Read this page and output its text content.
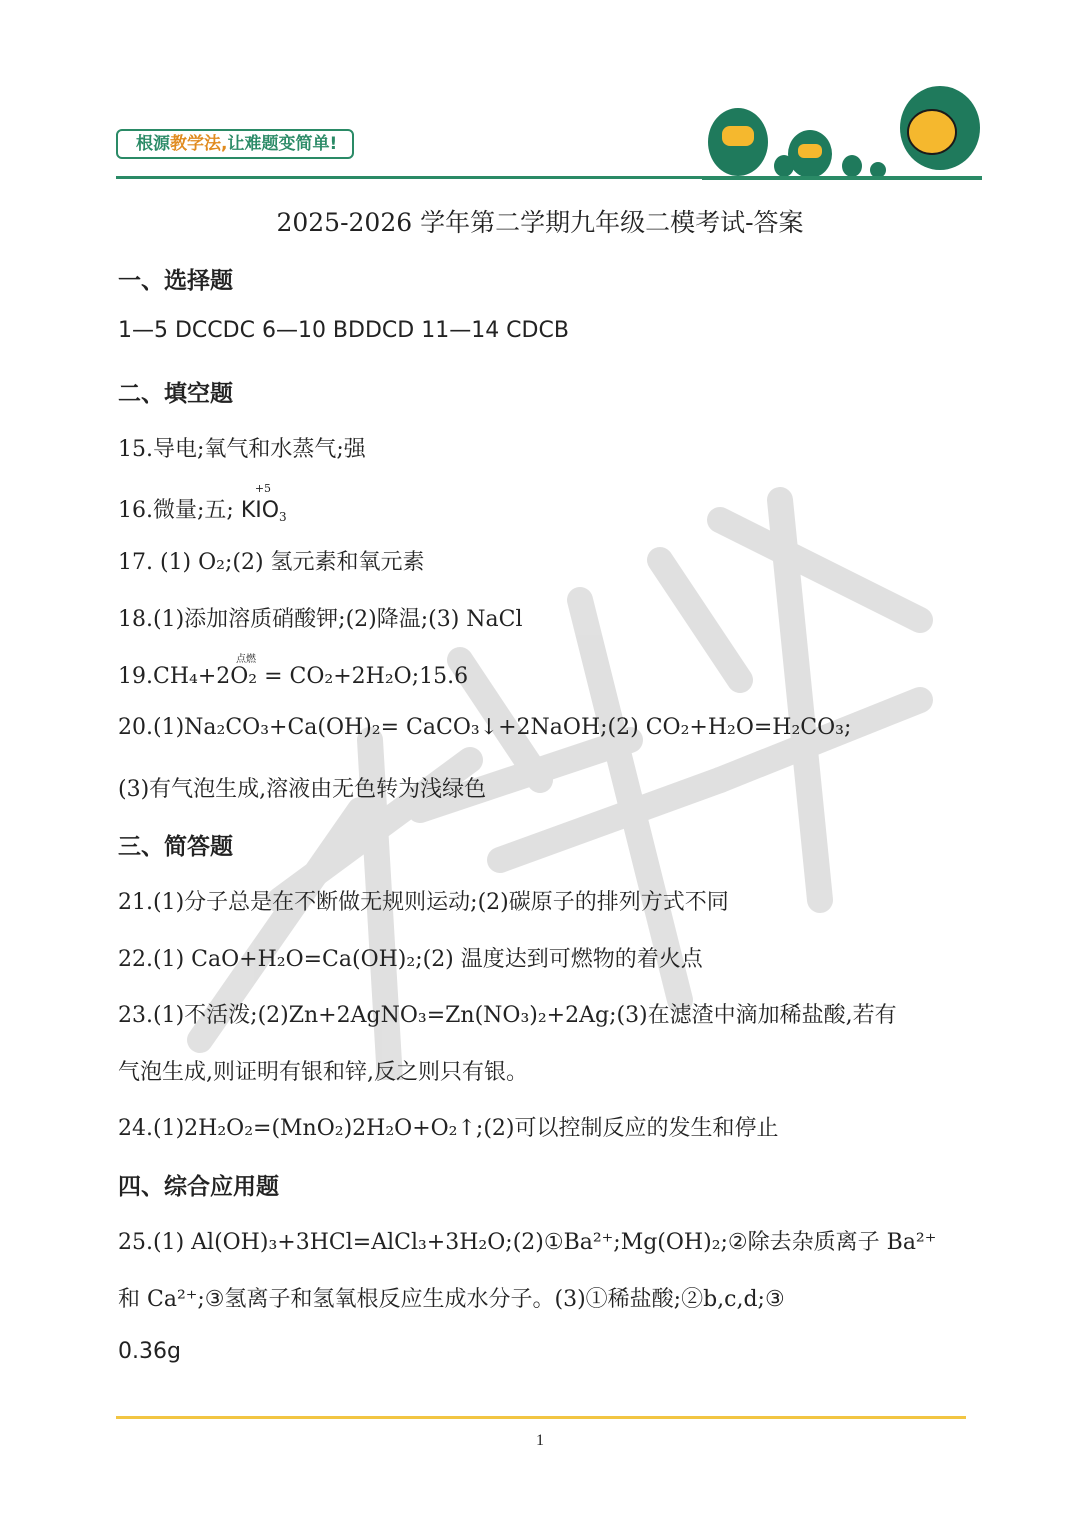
根源教学法,让难题变简单!
2025-2026 学年第二学期九年级二模考试-答案
一、选择题
1—5 DCCDC 6—10 BDDCD 11—14 CDCB
二、填空题
15.导电;氧气和水蒸气;强
16.微量;五;
+5
$KIO_3$
17. (1) O₂;(2) 氢元素和氧元素
18.(1)添加溶质硝酸钾;(2)降温;(3) NaCl
点燃
19.CH₄+2O₂ = CO₂+2H₂O;15.6
20.(1)Na₂CO₃+Ca(OH)₂= CaCO₃↓+2NaOH;(2) CO₂+H₂O=H₂CO₃;
(3)有气泡生成,溶液由无色转为浅绿色
三、简答题
21.(1)分子总是在不断做无规则运动;(2)碳原子的排列方式不同
22.(1) CaO+H₂O=Ca(OH)₂;(2) 温度达到可燃物的着火点
23.(1)不活泼;(2)Zn+2AgNO₃=Zn(NO₃)₂+2Ag;(3)在滤渣中滴加稀盐酸,若有
气泡生成,则证明有银和锌,反之则只有银。
24.(1)2H₂O₂=(MnO₂)2H₂O+O₂↑;(2)可以控制反应的发生和停止
四、综合应用题
25.(1) Al(OH)₃+3HCl=AlCl₃+3H₂O;(2)①Ba²⁺;Mg(OH)₂;②除去杂质离子 Ba²⁺
和 Ca²⁺;③氢离子和氢氧根反应生成水分子。(3)①稀盐酸;②b,c,d;③
0.36g
1
